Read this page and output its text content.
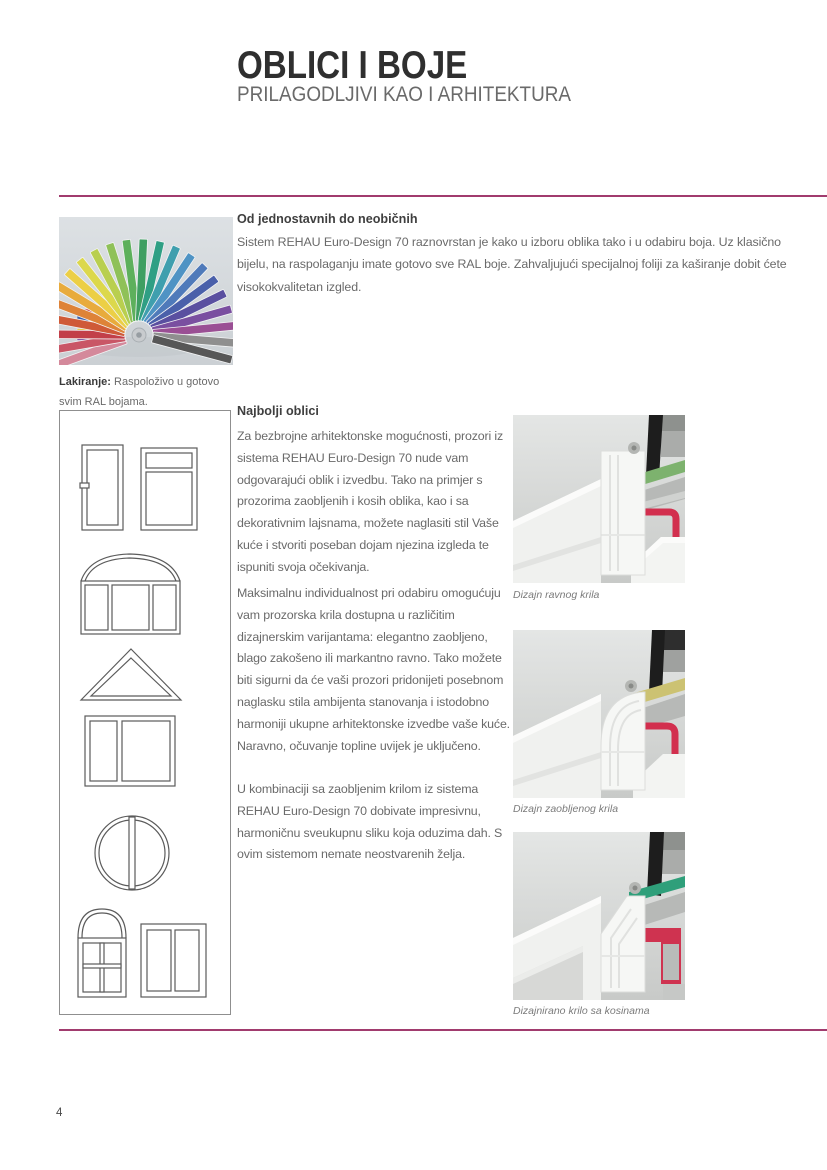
OBLICI I BOJE
PRILAGODLJIVI KAO I ARHITEKTURA
Lakiranje: Raspoloživo u gotovo svim RAL bojama.
Od jednostavnih do neobičnih

Sistem REHAU Euro-Design 70 raznovrstan je kako u izboru oblika tako i u odabiru boja. Uz klasično bijelu, na raspolaganju imate gotovo sve RAL boje. Zahvaljujući specijalnoj foliji za kaširanje dobit ćete visokokvalitetan izgled.

Najbolji oblici

Za bezbrojne arhitektonske mogućnosti, prozori iz sistema REHAU Euro-Design 70 nude vam odgovarajući oblik i izvedbu. Tako na primjer s prozorima zaobljenih i kosih oblika, kao i sa dekorativnim lajsnama, možete naglasiti stil Vaše kuće i stvoriti poseban dojam njezina izgleda te ispuniti svoja očekivanja.

Maksimalnu individualnost pri odabiru omogućuju vam prozorska krila dostupna u različitim dizajnerskim varijantama: elegantno zaobljeno, blago zakošeno ili markantno ravno. Tako možete biti sigurni da će vaši prozori pridonijeti posebnom naglasku stila ambijenta stanovanja i istodobno harmoniji ukupne arhitektonske izvedbe vaše kuće. Naravno, očuvanje topline uvijek je uključeno.

U kombinaciji sa zaobljenim krilom iz sistema REHAU Euro-Design 70 dobivate impresivnu, harmoničnu sveukupnu sliku koja oduzima dah. S ovim sistemom nemate neostvarenih želja.

Dizajn ravnog krila
Dizajn zaobljenog krila
Dizajnirano krilo sa kosinama
4
